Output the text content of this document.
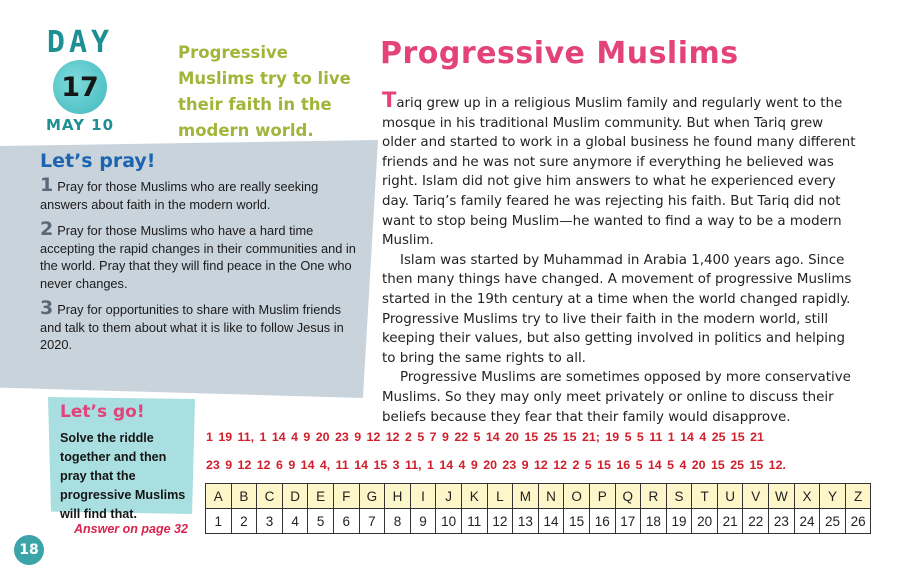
DAY
17
MAY 10
Progressive Muslims try to live their faith in the modern world.
Progressive Muslims

Tariq grew up in a religious Muslim family and regularly went to the mosque in his traditional Muslim community. But when Tariq grew older and started to work in a global business he found many different friends and he was not sure anymore if everything he believed was right. Islam did not give him answers to what he experienced every day. Tariq’s family feared he was rejecting his faith. But Tariq did not want to stop being Muslim—he wanted to find a way to be a modern Muslim.

Islam was started by Muhammad in Arabia 1,400 years ago. Since then many things have changed. A movement of progressive Muslims started in the 19th century at a time when the world changed rapidly. Progressive Muslims try to live their faith in the modern world, still keeping their values, but also getting involved in politics and helping to bring the same rights to all.

Progressive Muslims are sometimes opposed by more conservative Muslims. So they may only meet privately or online to discuss their beliefs because they fear that their family would disapprove.

Let’s pray!
1 Pray for those Muslims who are really seeking answers about faith in the modern world.
2 Pray for those Muslims who have a hard time accepting the rapid changes in their communities and in the world. Pray that they will find peace in the One who never changes.
3 Pray for opportunities to share with Muslim friends and talk to them about what it is like to follow Jesus in 2020.
Let’s go!
Solve the riddle together and then pray that the progressive Muslims will find that.
Answer on page 32
1 19 11, 1 14 4 9 20 23 9 12 12 2 5 7 9 22 5 14 20 15 25 15 21; 19 5 5 11 1 14 4 25 15 21
23 9 12 12 6 9 14 4, 11 14 15 3 11, 1 14 4 9 20 23 9 12 12 2 5 15 16 5 14 5 4 20 15 25 15 12.
A	B	C	D	E	F	G	H	I	J	K	L	M	N	O	P	Q	R	S	T	U	V	W	X	Y	Z
1	2	3	4	5	6	7	8	9	10	11	12	13	14	15	16	17	18	19	20	21	22	23	24	25	26
18
